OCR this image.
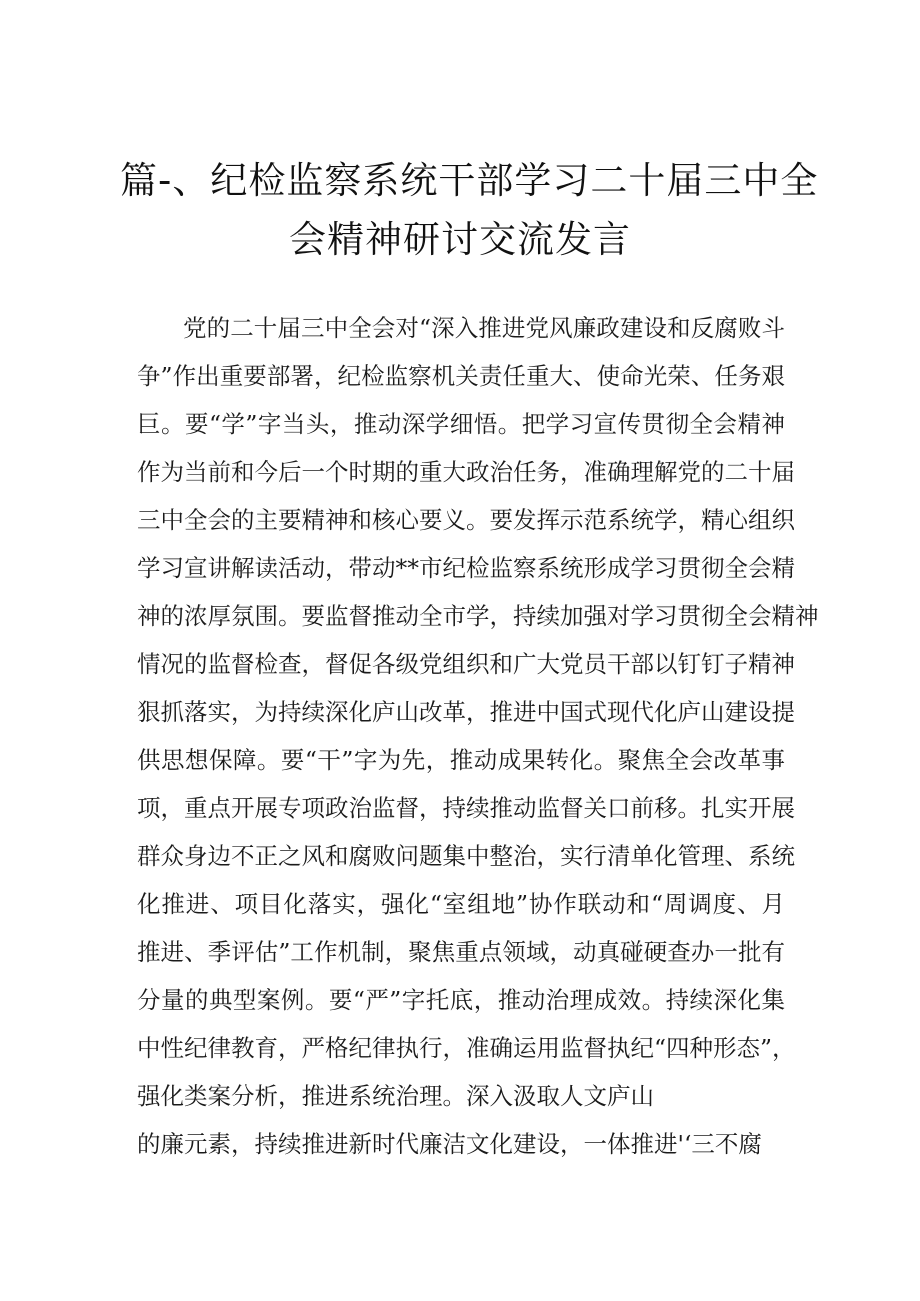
篇-、纪检监察系统干部学习二十届三中全
会精神研讨交流发言
党的二十届三中全会对“深入推进党风廉政建设和反腐败斗
争”作出重要部署，纪检监察机关责任重大、使命光荣、任务艰
巨。要“学”字当头，推动深学细悟。把学习宣传贯彻全会精神
作为当前和今后一个时期的重大政治任务，准确理解党的二十届
三中全会的主要精神和核心要义。要发挥示范系统学，精心组织
学习宣讲解读活动，带动**市纪检监察系统形成学习贯彻全会精
神的浓厚氛围。要监督推动全市学，持续加强对学习贯彻全会精神
情况的监督检查，督促各级党组织和广大党员干部以钉钉子精神
狠抓落实，为持续深化庐山改革，推进中国式现代化庐山建设提
供思想保障。要“干”字为先，推动成果转化。聚焦全会改革事
项，重点开展专项政治监督，持续推动监督关口前移。扎实开展
群众身边不正之风和腐败问题集中整治，实行清单化管理、系统
化推进、项目化落实，强化“室组地”协作联动和“周调度、月
推进、季评估”工作机制，聚焦重点领域，动真碰硬查办一批有
分量的典型案例。要“严”字托底，推动治理成效。持续深化集
中性纪律教育，严格纪律执行，准确运用监督执纪“四种形态”，
强化类案分析，推进系统治理。深入汲取人文庐山
的廉元素，持续推进新时代廉洁文化建设，一体推进'‘三不腐
